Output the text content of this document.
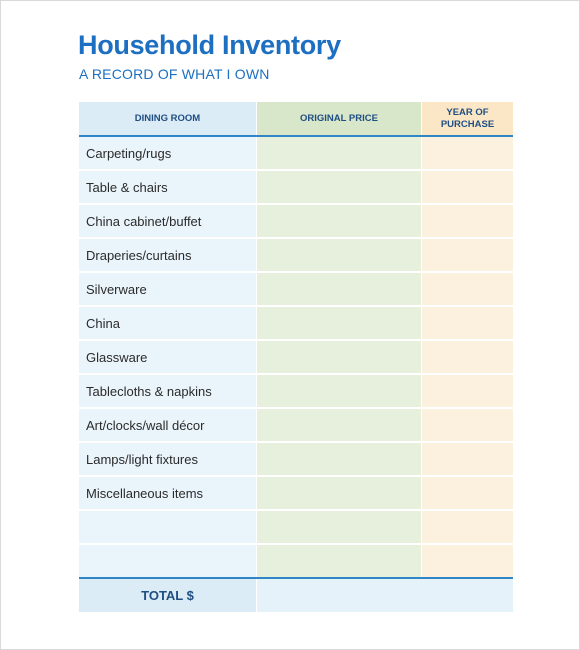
Household Inventory
A RECORD OF WHAT I OWN
DINING ROOM	ORIGINAL PRICE	YEAR OF
PURCHASE
Carpeting/rugs
Table & chairs
China cabinet/buffet
Draperies/curtains
Silverware
China
Glassware
Tablecloths & napkins
Art/clocks/wall décor
Lamps/light fixtures
Miscellaneous items
TOTAL $
